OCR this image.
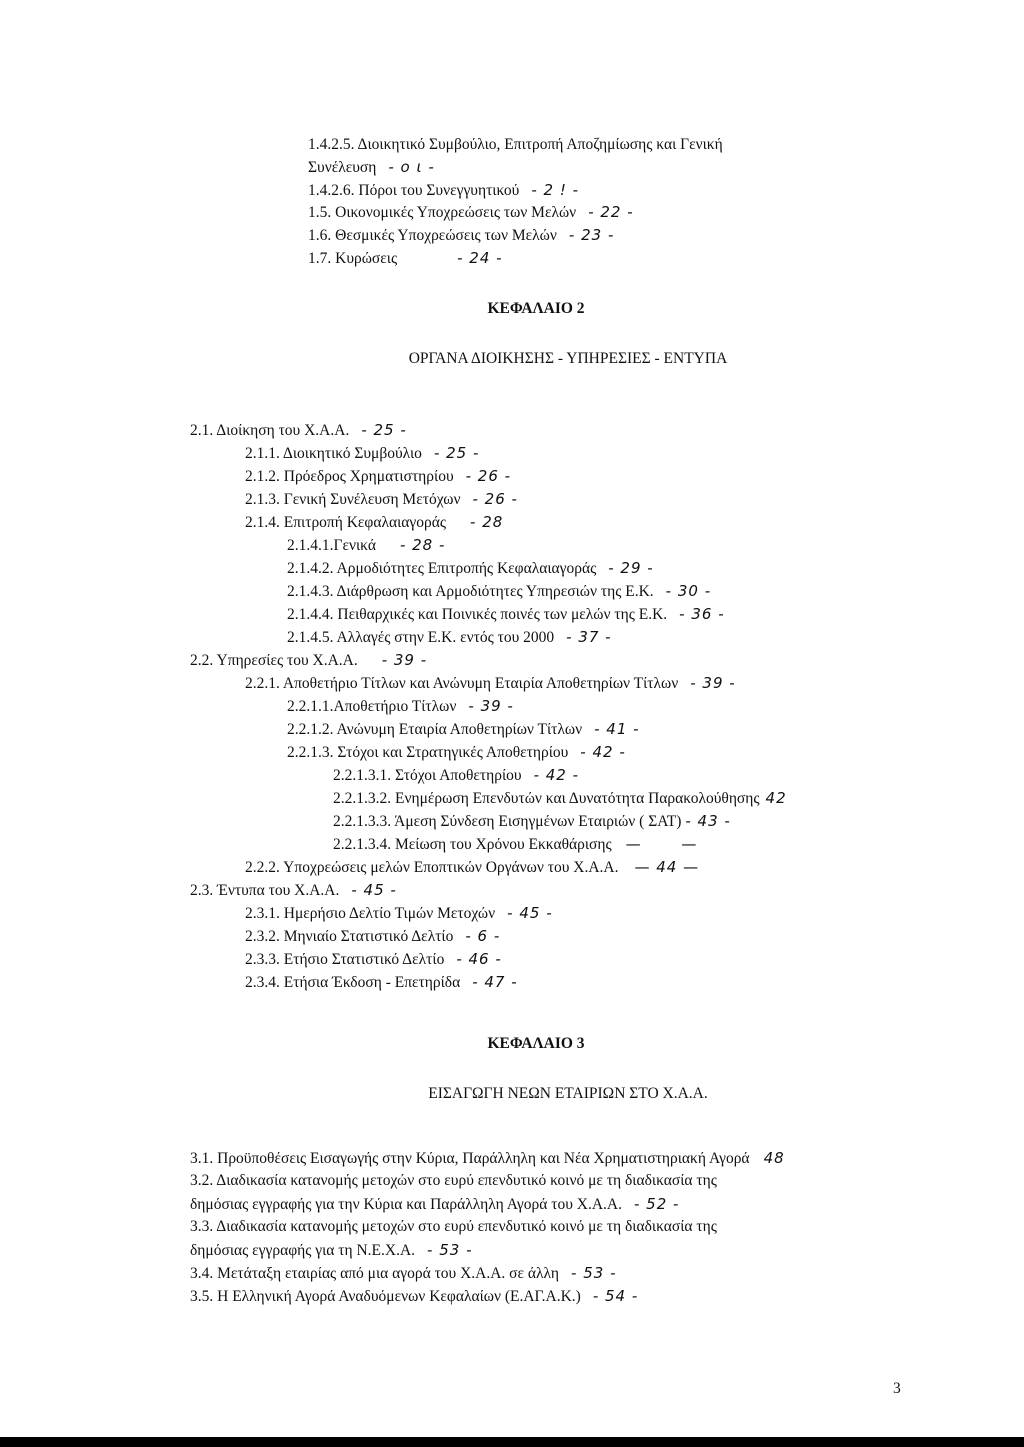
1.4.2.5. Διοικητικό Συμβούλιο, Επιτροπή Αποζημίωσης και Γενική
Συνέλευση - ο ι -
1.4.2.6. Πόροι του Συνεγγυητικού - 2 ! -
1.5. Οικονομικές Υποχρεώσεις των Μελών - 22 -
1.6. Θεσμικές Υποχρεώσεις των Μελών - 23 -
1.7. Κυρώσεις	- 24 -
ΚΕΦΑΛΑΙΟ 2
ΟΡΓΑΝΑ ΔΙΟΙΚΗΣΗΣ - ΥΠΗΡΕΣΙΕΣ - ΕΝΤΥΠΑ
2.1. Διοίκηση του Χ.Α.Α. - 25 -
2.1.1. Διοικητικό Συμβούλιο - 25 -
2.1.2. Πρόεδρος Χρηματιστηρίου - 26 -
2.1.3. Γενική Συνέλευση Μετόχων - 26 -
2.1.4. Επιτροπή Κεφαλαιαγοράς - 28
2.1.4.1.Γενικά - 28 -
2.1.4.2. Αρμοδιότητες Επιτροπής Κεφαλαιαγοράς - 29 -
2.1.4.3. Διάρθρωση και Αρμοδιότητες Υπηρεσιών της Ε.Κ. - 30 -
2.1.4.4. Πειθαρχικές και Ποινικές ποινές των μελών της Ε.Κ. - 36 -
2.1.4.5. Αλλαγές στην Ε.Κ. εντός του 2000 - 37 -
2.2. Υπηρεσίες του Χ.Α.Α. - 39 -
2.2.1. Αποθετήριο Τίτλων και Ανώνυμη Εταιρία Αποθετηρίων Τίτλων - 39 -
2.2.1.1.Αποθετήριο Τίτλων - 39 -
2.2.1.2. Ανώνυμη Εταιρία Αποθετηρίων Τίτλων - 41 -
2.2.1.3. Στόχοι και Στρατηγικές Αποθετηρίου - 42 -
2.2.1.3.1. Στόχοι Αποθετηρίου - 42 -
2.2.1.3.2. Ενημέρωση Επενδυτών και Δυνατότητα Παρακολούθησης 42
2.2.1.3.3. Άμεση Σύνδεση Εισηγμένων Εταιριών ( ΣΑΤ) - 43 -
2.2.1.3.4. Μείωση του Χρόνου Εκκαθάρισης — —
2.2.2. Υποχρεώσεις μελών Εποπτικών Οργάνων του Χ.Α.Α. — 44 —
2.3. Έντυπα του Χ.Α.Α. - 45 -
2.3.1. Ημερήσιο Δελτίο Τιμών Μετοχών - 45 -
2.3.2. Μηνιαίο Στατιστικό Δελτίο - 6 -
2.3.3. Ετήσιο Στατιστικό Δελτίο - 46 -
2.3.4. Ετήσια Έκδοση - Επετηρίδα - 47 -
ΚΕΦΑΛΑΙΟ 3
ΕΙΣΑΓΩΓΗ ΝΕΩΝ ΕΤΑΙΡΙΩΝ ΣΤΟ Χ.Α.Α.
3.1. Προϋποθέσεις Εισαγωγής στην Κύρια, Παράλληλη και Νέα Χρηματιστηριακή Αγορά 48
3.2. Διαδικασία κατανομής μετοχών στο ευρύ επενδυτικό κοινό με τη διαδικασία της
δημόσιας εγγραφής για την Κύρια και Παράλληλη Αγορά του Χ.Α.Α. - 52 -
3.3. Διαδικασία κατανομής μετοχών στο ευρύ επενδυτικό κοινό με τη διαδικασία της
δημόσιας εγγραφής για τη Ν.Ε.Χ.Α. - 53 -
3.4. Μετάταξη εταιρίας από μια αγορά του Χ.Α.Α. σε άλλη - 53 -
3.5. Η Ελληνική Αγορά Αναδυόμενων Κεφαλαίων (Ε.ΑΓ.Α.Κ.) - 54 -
3
